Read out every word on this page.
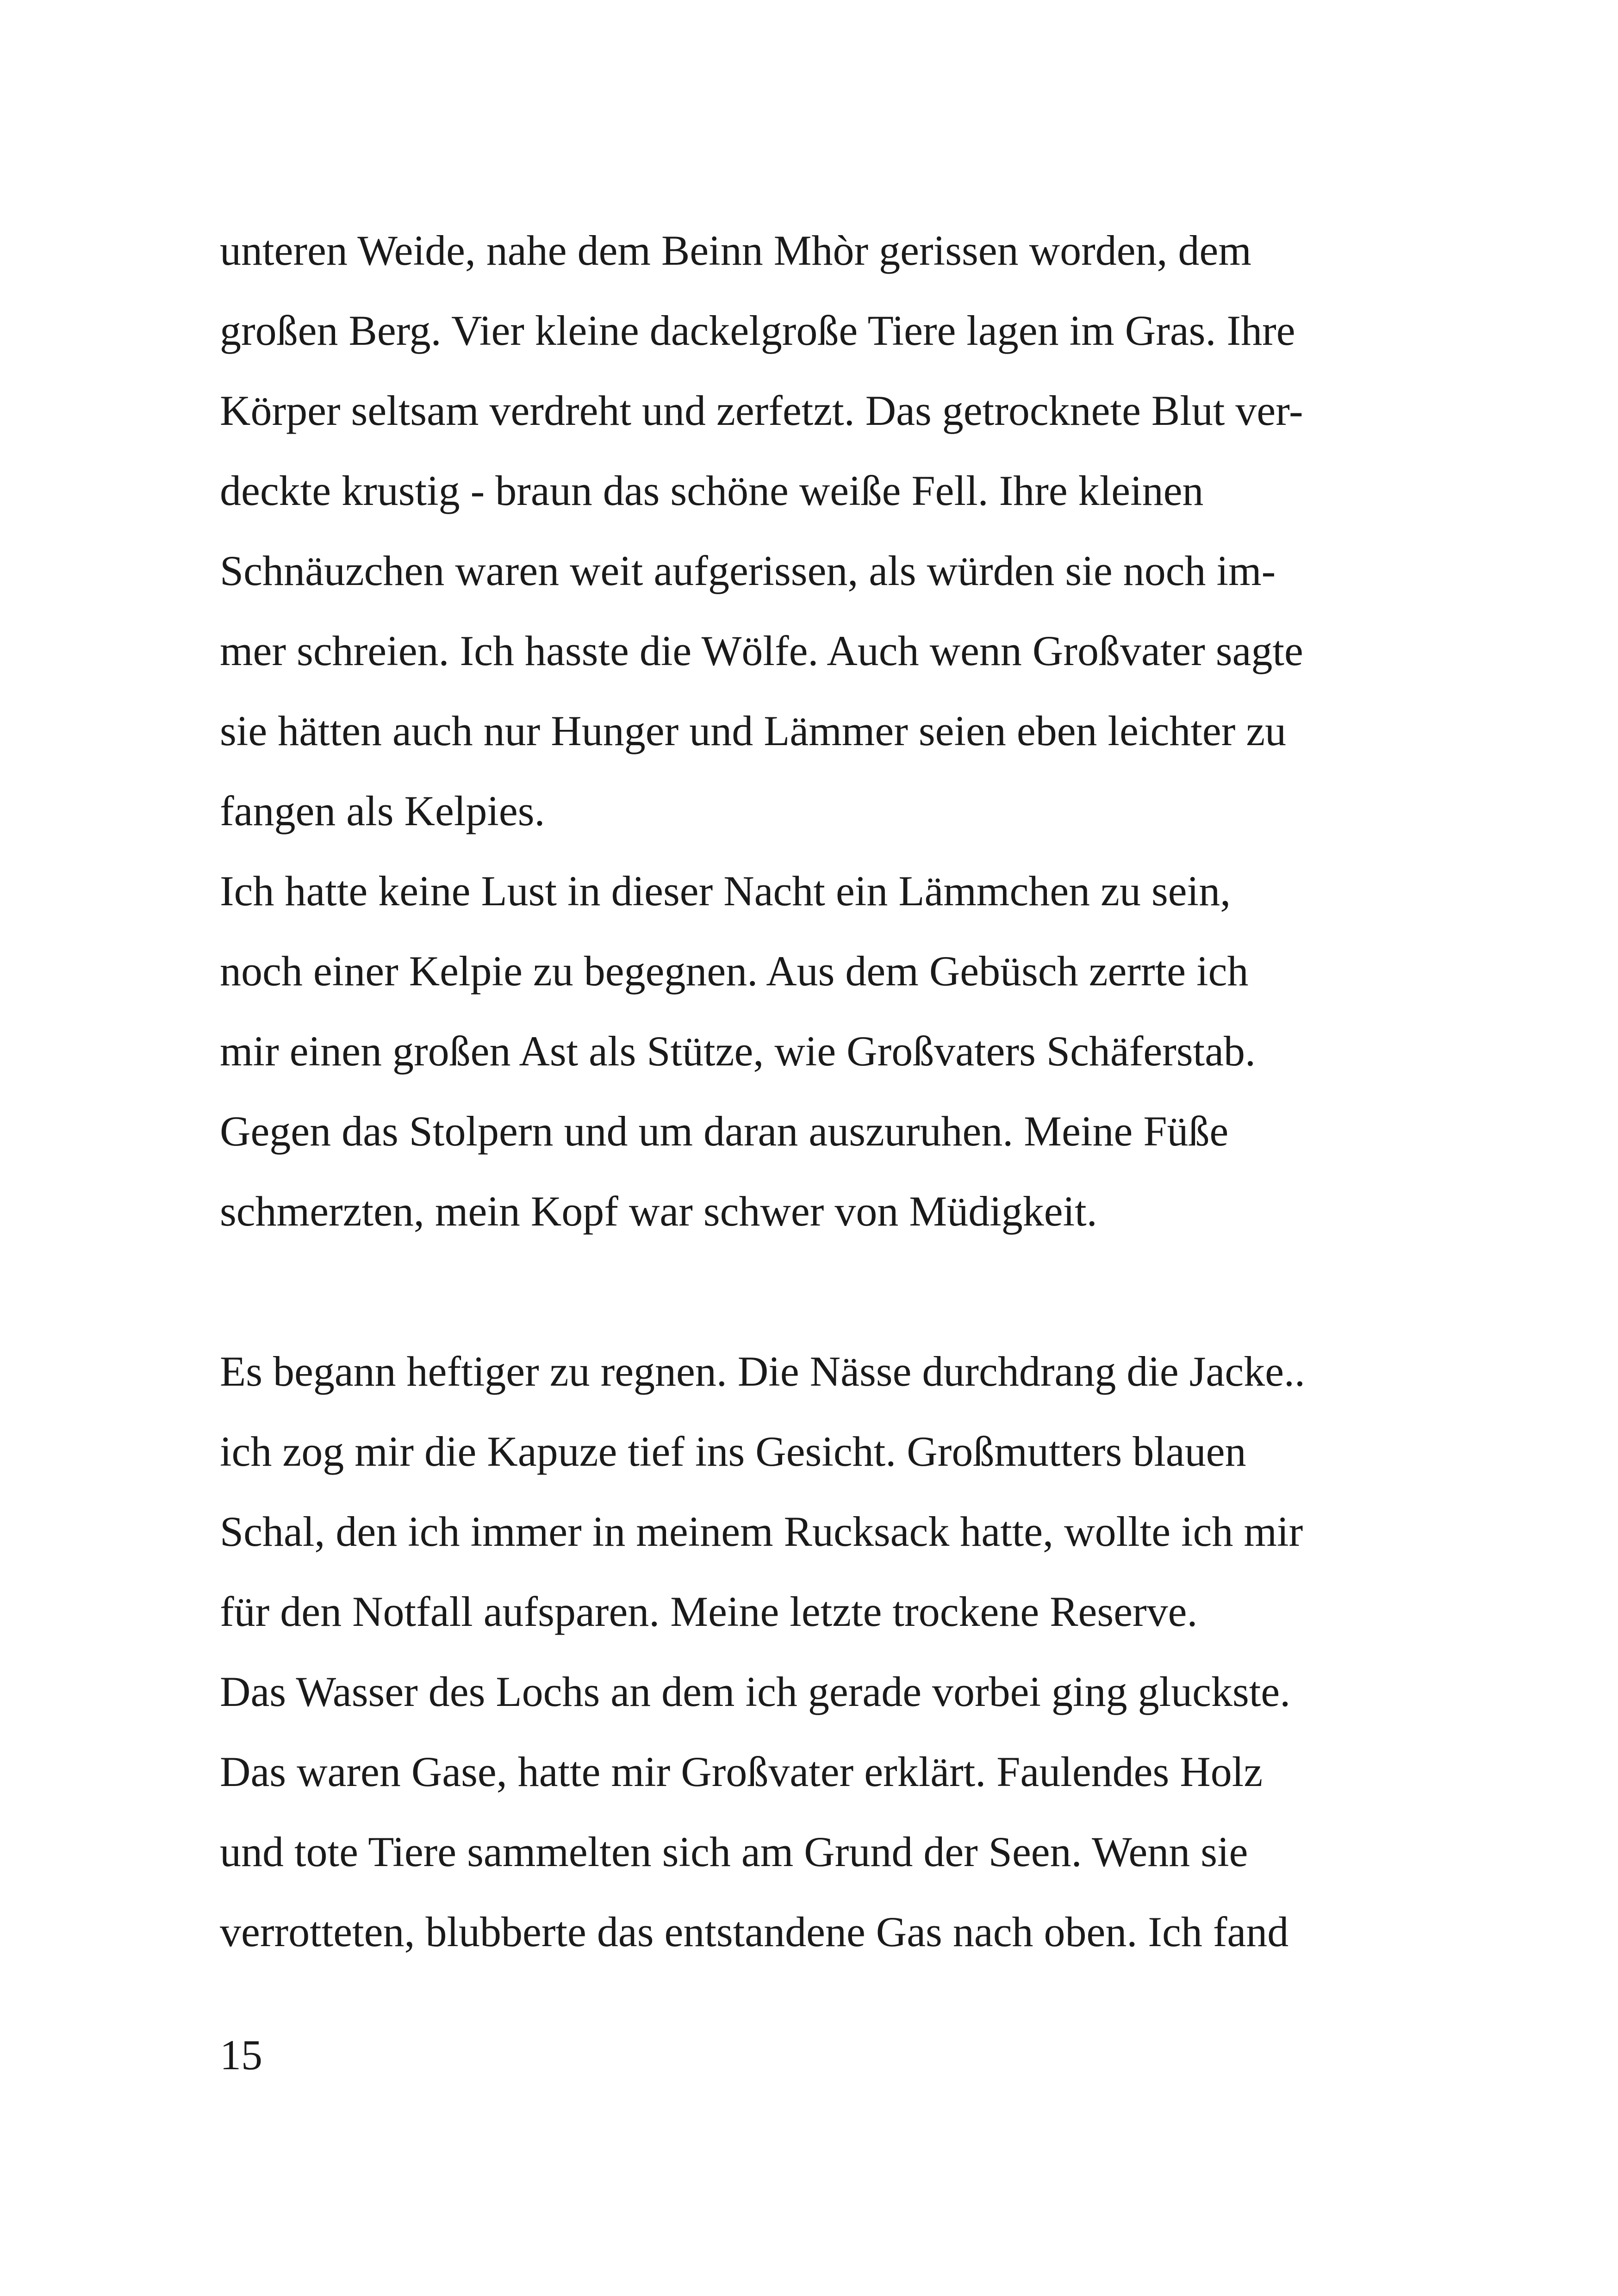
unteren Weide, nahe dem Beinn Mhòr gerissen worden, dem
großen Berg. Vier kleine dackelgroße Tiere lagen im Gras. Ihre
Körper seltsam verdreht und zerfetzt. Das getrocknete Blut ver-
deckte krustig - braun das schöne weiße Fell. Ihre kleinen
Schnäuzchen waren weit aufgerissen, als würden sie noch im-
mer schreien. Ich hasste die Wölfe. Auch wenn Großvater sagte
sie hätten auch nur Hunger und Lämmer seien eben leichter zu
fangen als Kelpies.
Ich hatte keine Lust in dieser Nacht ein Lämmchen zu sein,
noch einer Kelpie zu begegnen. Aus dem Gebüsch zerrte ich
mir einen großen Ast als Stütze, wie Großvaters Schäferstab.
Gegen das Stolpern und um daran auszuruhen. Meine Füße
schmerzten, mein Kopf war schwer von Müdigkeit.
Es begann heftiger zu regnen. Die Nässe durchdrang die Jacke..
ich zog mir die Kapuze tief ins Gesicht. Großmutters blauen
Schal, den ich immer in meinem Rucksack hatte, wollte ich mir
für den Notfall aufsparen. Meine letzte trockene Reserve.
Das Wasser des Lochs an dem ich gerade vorbei ging gluckste.
Das waren Gase, hatte mir Großvater erklärt. Faulendes Holz
und tote Tiere sammelten sich am Grund der Seen. Wenn sie
verrotteten, blubberte das entstandene Gas nach oben. Ich fand
15
